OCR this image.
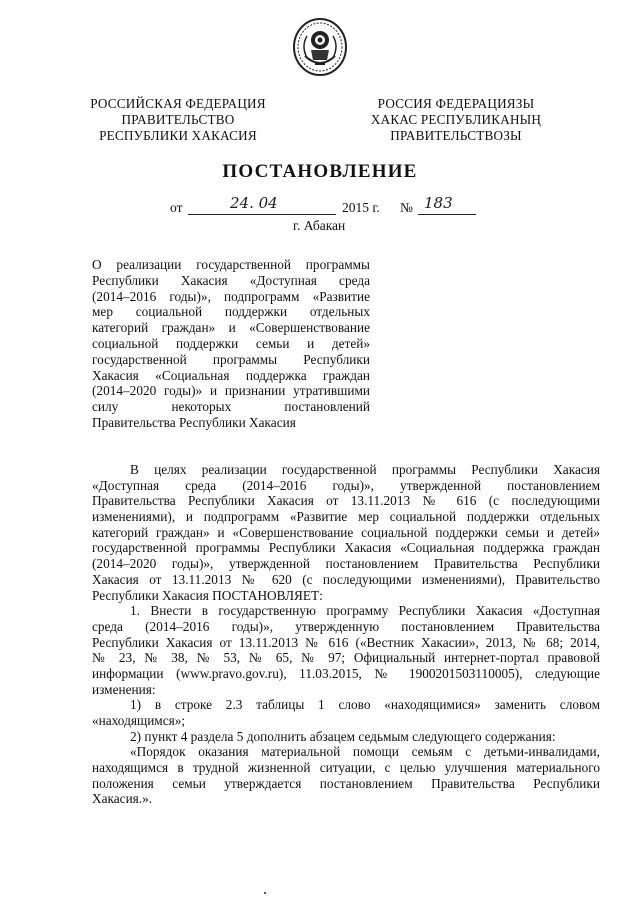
РОССИЙСКАЯ ФЕДЕРАЦИЯ
ПРАВИТЕЛЬСТВО
РЕСПУБЛИКИ ХАКАСИЯ
РОССИЯ ФЕДЕРАЦИЯЗЫ
ХАКАС РЕСПУБЛИКАНЫҢ
ПРАВИТЕЛЬСТВОЗЫ
ПОСТАНОВЛЕНИЕ
от	24. 04	2015 г. № 183
г. Абакан
О реализации государственной программы
Республики Хакасия «Доступная среда
(2014–2016 годы)», подпрограмм «Развитие
мер социальной поддержки отдельных
категорий граждан» и «Совершенствование
социальной поддержки семьи и детей»
государственной программы Республики
Хакасия «Социальная поддержка граждан
(2014–2020 годы)» и признании утратившими
силу некоторых постановлений
Правительства Республики Хакасия
В целях реализации государственной программы Республики Хакасия
«Доступная среда (2014–2016 годы)», утвержденной постановлением
Правительства Республики Хакасия от 13.11.2013 № 616 (с последующими
изменениями), и подпрограмм «Развитие мер социальной поддержки отдельных
категорий граждан» и «Совершенствование социальной поддержки семьи и детей»
государственной программы Республики Хакасия «Социальная поддержка граждан
(2014–2020 годы)», утвержденной постановлением Правительства Республики
Хакасия от 13.11.2013 № 620 (с последующими изменениями), Правительство
Республики Хакасия ПОСТАНОВЛЯЕТ:
1. Внести в государственную программу Республики Хакасия «Доступная
среда (2014–2016 годы)», утвержденную постановлением Правительства
Республики Хакасия от 13.11.2013 № 616 («Вестник Хакасии», 2013, № 68; 2014,
№ 23, № 38, № 53, № 65, № 97; Официальный интернет-портал правовой
информации (www.pravo.gov.ru), 11.03.2015, № 1900201503110005), следующие
изменения:
1) в строке 2.3 таблицы 1 слово «находящимися» заменить словом
«находящимся»;
2) пункт 4 раздела 5 дополнить абзацем седьмым следующего содержания:
«Порядок оказания материальной помощи семьям с детьми-инвалидами,
находящимся в трудной жизненной ситуации, с целью улучшения материального
положения семьи утверждается постановлением Правительства Республики
Хакасия.».
